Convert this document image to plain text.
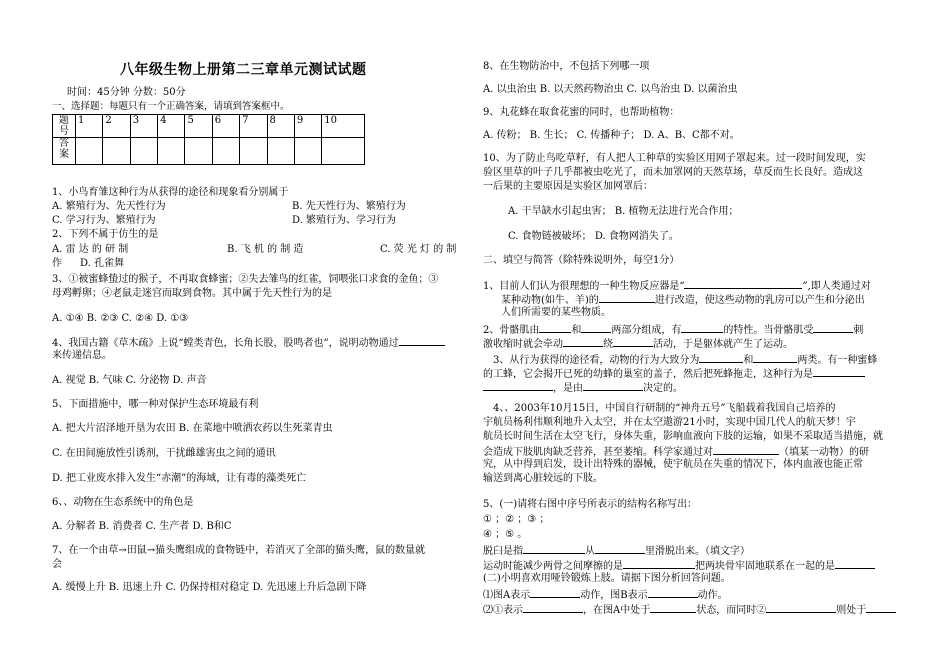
八年级生物上册第二三章单元测试试题
时间：45分钟 分数：50分
一、选择题：每题只有一个正确答案，请填到答案框中。
题号	1	2	3	4	5	6	7	8	9	10
答案										
1、小鸟育雏这种行为从获得的途径和现象看分别属于
A. 繁殖行为、先天性行为	B. 先天性行为、繁殖行为
C. 学习行为、繁殖行为	D. 繁殖行为、学习行为
2、下列不属于仿生的是
A. 雷 达 的 研 制	B. 飞 机 的 制 造	C. 荧 光 灯 的 制
作 D. 孔雀舞
3、①被蜜蜂蛰过的猴子，不再取食蜂蜜；②失去雏鸟的红雀，饲喂张口求食的金鱼；③
母鸡孵卵；④老鼠走迷宫而取到食物。其中属于先天性行为的是
A. ①④ B. ②③ C. ②④ D. ①③
4、我国古籍《草木疏》上说“螳类青色，长角长股，股鸣者也”，说明动物通过
来传递信息。
A. 视觉 B. 气味 C. 分泌物 D. 声音
5、下面措施中，哪一种对保护生态环境最有利
A. 把大片沼泽地开垦为农田 B. 在菜地中喷洒农药以生死菜青虫
C. 在田间施放性引诱剂，干扰雌雄害虫之间的通讯
D. 把工业废水排入发生“赤潮”的海域，让有毒的藻类死亡
6、、动物在生态系统中的角色是
A. 分解者 B. 消费者 C. 生产者 D. B和C
7、在一个由草→田鼠→猫头鹰组成的食物链中，若消灭了全部的猫头鹰，鼠的数量就
会
A. 缓慢上升 B. 迅速上升 C. 仍保持相对稳定 D. 先迅速上升后急剧下降
8、在生物防治中，不包括下列哪一项
A. 以虫治虫 B. 以天然药物治虫 C. 以鸟治虫 D. 以菌治虫
9、丸花蜂在取食花蜜的同时，也帮助植物：
A. 传粉； B. 生长； C. 传播种子； D. A、B、C都不对。
10、为了防止鸟吃草籽，有人把人工种草的实验区用网子罩起来。过一段时间发现，实
验区里草的叶子几乎都被虫吃光了，而未加罩网的天然草场，草反而生长良好。造成这
一后果的主要原因是实验区加网罩后：
A. 干旱缺水引起虫害； B. 植物无法进行光合作用；
C. 食物链被破坏； D. 食物网消失了。
二、填空与简答（除特殊说明外，每空1分）
1、目前人们认为很理想的一种生物反应器是“	”,即人类通过对
某种动物(如牛、羊)的	进行改造，使这些动物的乳房可以产生和分泌出
人们所需要的某些物质。
2、骨骼肌由	和	两部分组成，有	的特性。当骨骼肌受	刺
激收缩时就会牵动	绕	活动，于是躯体就产生了运动。
3、从行为获得的途径看，动物的行为大致分为	和	两类。有一种蜜蜂
的工蜂，它会揭开已死的幼蜂的巢室的盖子，然后把死蜂拖走，这种行为是
，是由	决定的。
4、、2003年10月15日，中国自行研制的“神舟五号”飞船载着我国自己培养的
宇航员杨利伟顺利地升入太空，并在太空遨游21小时，实现中国几代人的航天梦！宇
航员长时间生活在太空飞行，身体失重，影响血液向下肢的运输，如果不采取适当措施，就
会造成下肢肌肉缺乏营养，甚至萎缩。科学家通过对	（填某一动物）的研
究，从中得到启发，设计出特殊的器械，使宇航员在失重的情况下，体内血液也能正常
输送到离心脏较远的下肢。
5、(一)请将右图中序号所表示的结构名称写出：
① ；② ；③ ；
④ ；⑤ 。
脱臼是指	从	里滑脱出来。（填文字）
运动时能减少两骨之间摩擦的是	把两块骨牢固地联系在一起的是
(二)小明喜欢用哑铃锻炼上肢。请据下图分析回答问题。
⑴图A表示	动作，图B表示	动作。
⑵①表示	，在图A中处于	状态，而同时②	则处于
